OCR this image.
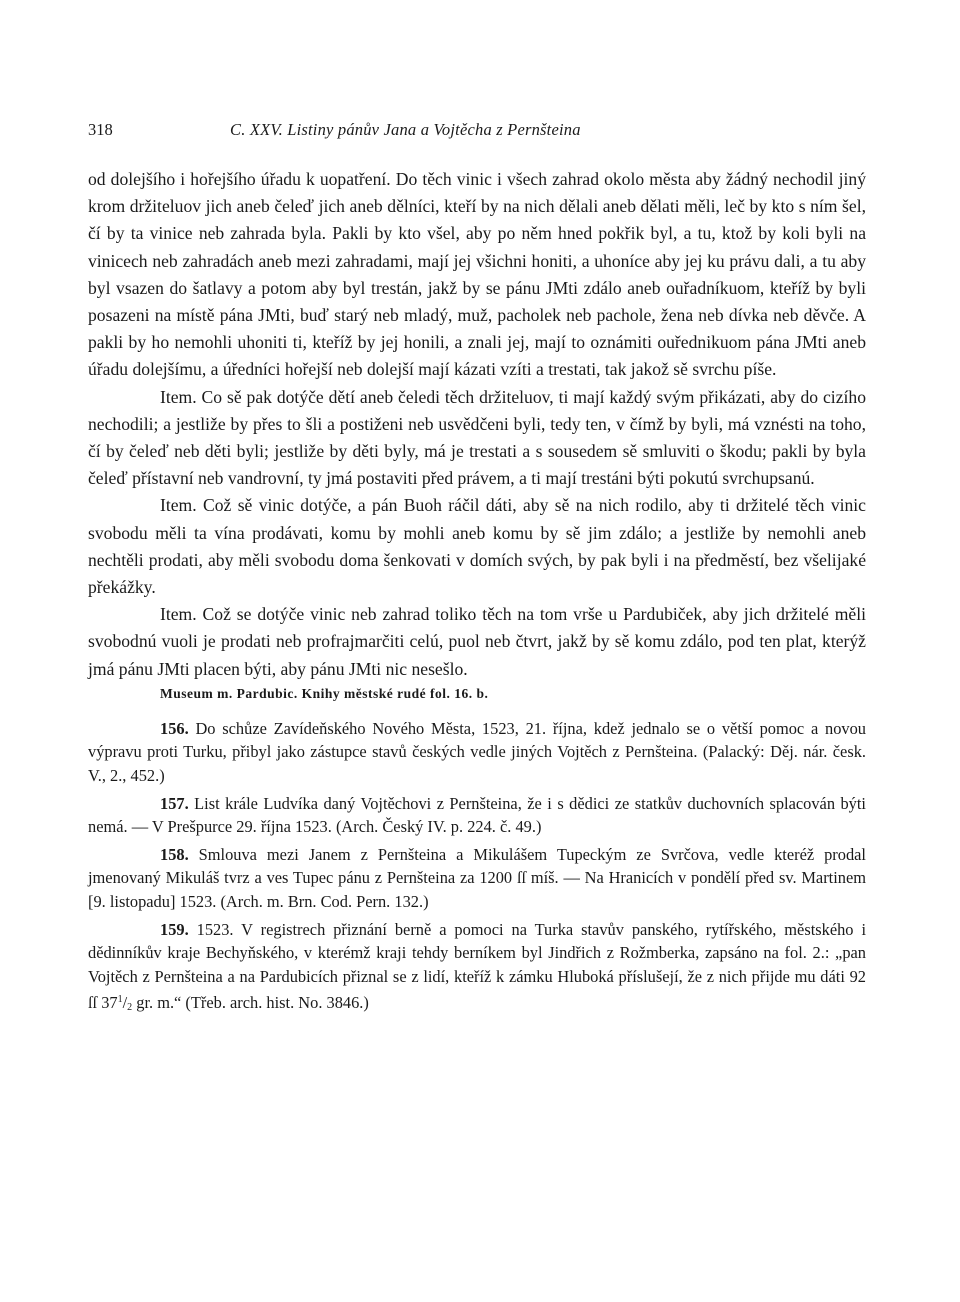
318	C. XXV. Listiny pánův Jana a Vojtěcha z Pernšteina

od dolejšího i hořejšího úřadu k uopatření. Do těch vinic i všech zahrad okolo města aby žádný nechodil jiný krom držiteluov jich aneb čeleď jich aneb dělníci, kteří by na nich dělali aneb dělati měli, leč by kto s ním šel, čí by ta vinice neb zahrada byla. Pakli by kto všel, aby po něm hned pokřik byl, a tu, ktož by koli byli na vinicech neb zahradách aneb mezi zahradami, mají jej všichni honiti, a uhoníce aby jej ku právu dali, a tu aby byl vsazen do šatlavy a potom aby byl trestán, jakž by se pánu JMti zdálo aneb ouřadníkuom, kteříž by byli posazeni na místě pána JMti, buď starý neb mladý, muž, pacholek neb pachole, žena neb dívka neb děvče. A pakli by ho nemohli uhoniti ti, kteříž by jej honili, a znali jej, mají to oznámiti ouřednikuom pána JMti aneb úřadu dolejšímu, a úředníci hořejší neb dolejší mají kázati vzíti a trestati, tak jakož sě svrchu píše.

Item. Co sě pak dotýče dětí aneb čeledi těch držiteluov, ti mají každý svým přikázati, aby do cizího nechodili; a jestliže by přes to šli a postiženi neb usvědčeni byli, tedy ten, v čímž by byli, má vznésti na toho, čí by čeleď neb děti byli; jestliže by děti byly, má je trestati a s sousedem sě smluviti o škodu; pakli by byla čeleď přístavní neb vandrovní, ty jmá postaviti před právem, a ti mají trestáni býti pokutú svrchupsanú.

Item. Což sě vinic dotýče, a pán Buoh ráčil dáti, aby sě na nich rodilo, aby ti držitelé těch vinic svobodu měli ta vína prodávati, komu by mohli aneb komu by sě jim zdálo; a jestliže by nemohli aneb nechtěli prodati, aby měli svobodu doma šenkovati v domích svých, by pak byli i na předměstí, bez všelijaké překážky.

Item. Což se dotýče vinic neb zahrad toliko těch na tom vrše u Pardubiček, aby jich držitelé měli svobodnú vuoli je prodati neb profrajmarčiti celú, puol neb čtvrt, jakž by sě komu zdálo, pod ten plat, kterýž jmá pánu JMti placen býti, aby pánu JMti nic nesešlo.

Museum m. Pardubic. Knihy městské rudé fol. 16. b.

156. Do schůze Zavídeňského Nového Města, 1523, 21. října, kdež jednalo se o větší pomoc a novou výpravu proti Turku, přibyl jako zástupce stavů českých vedle jiných Vojtěch z Pernšteina. (Palacký: Děj. nár. česk. V., 2., 452.)

157. List krále Ludvíka daný Vojtěchovi z Pernšteina, že i s dědici ze statkův duchovních splacován býti nemá. — V Prešpurce 29. října 1523. (Arch. Český IV. p. 224. č. 49.)

158. Smlouva mezi Janem z Pernšteina a Mikulášem Tupeckým ze Svrčova, vedle kteréž prodal jmenovaný Mikuláš tvrz a ves Tupec pánu z Pernšteina za 1200 ſſ míš. — Na Hranicích v pondělí před sv. Martinem [9. listopadu] 1523. (Arch. m. Brn. Cod. Pern. 132.)

159. 1523. V registrech přiznání berně a pomoci na Turka stavův panského, rytířského, městského i dědinníkův kraje Bechyňského, v kterémž kraji tehdy berníkem byl Jindřich z Rožmberka, zapsáno na fol. 2.: „pan Vojtěch z Pernšteina a na Pardubicích přiznal se z lidí, kteříž k zámku Hluboká příslušejí, že z nich přijde mu dáti 92 ſſ $37^1/_2$ gr. m.“ (Třeb. arch. hist. No. 3846.)
